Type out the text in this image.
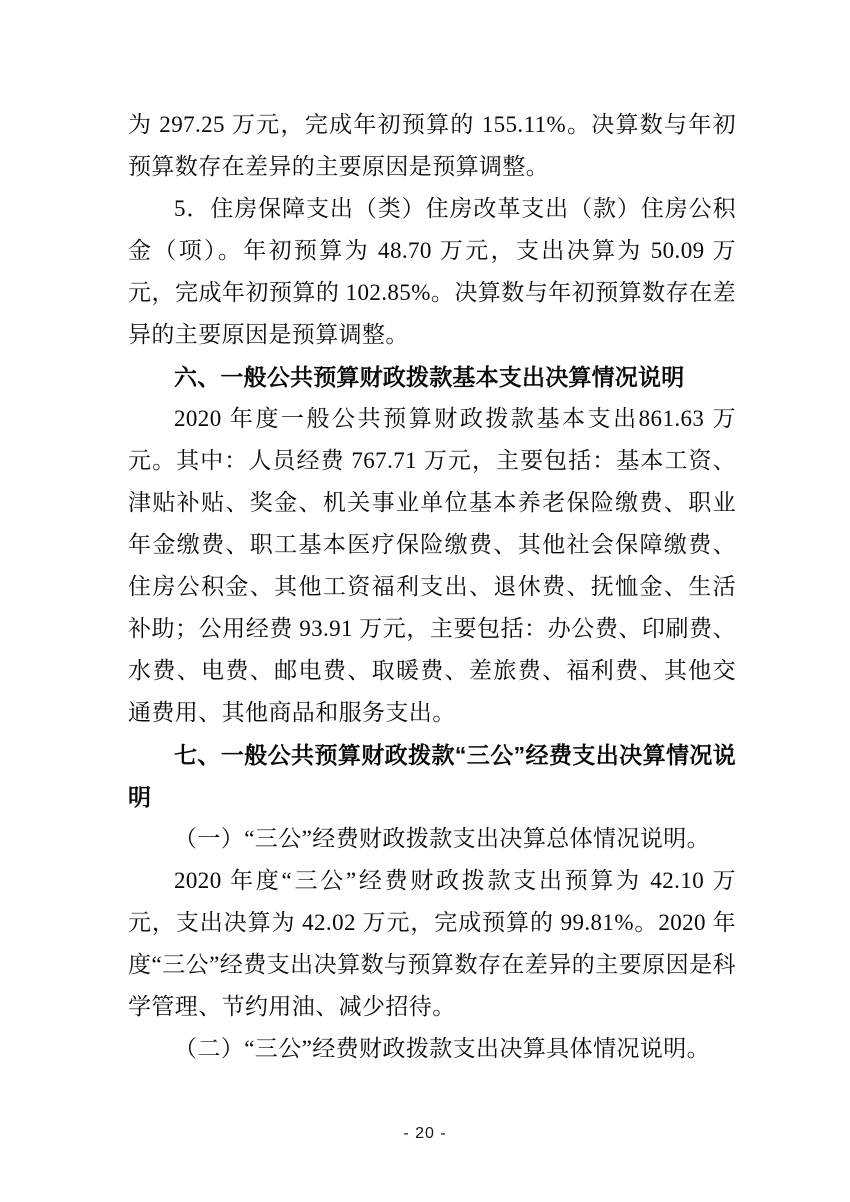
为 297.25 万元，完成年初预算的 155.11%。决算数与年初预算数存在差异的主要原因是预算调整。

5．住房保障支出（类）住房改革支出（款）住房公积金（项）。年初预算为 48.70 万元，支出决算为 50.09 万元，完成年初预算的 102.85%。决算数与年初预算数存在差异的主要原因是预算调整。

六、一般公共预算财政拨款基本支出决算情况说明

2020 年度一般公共预算财政拨款基本支出861.63 万元。其中：人员经费 767.71 万元，主要包括：基本工资、津贴补贴、奖金、机关事业单位基本养老保险缴费、职业年金缴费、职工基本医疗保险缴费、其他社会保障缴费、住房公积金、其他工资福利支出、退休费、抚恤金、生活补助；公用经费 93.91 万元，主要包括：办公费、印刷费、水费、电费、邮电费、取暖费、差旅费、福利费、其他交通费用、其他商品和服务支出。

七、一般公共预算财政拨款“三公”经费支出决算情况说明

（一）“三公”经费财政拨款支出决算总体情况说明。

2020 年度“三公”经费财政拨款支出预算为 42.10 万元，支出决算为 42.02 万元，完成预算的 99.81%。2020 年度“三公”经费支出决算数与预算数存在差异的主要原因是科学管理、节约用油、减少招待。

（二）“三公”经费财政拨款支出决算具体情况说明。

- 20 -
